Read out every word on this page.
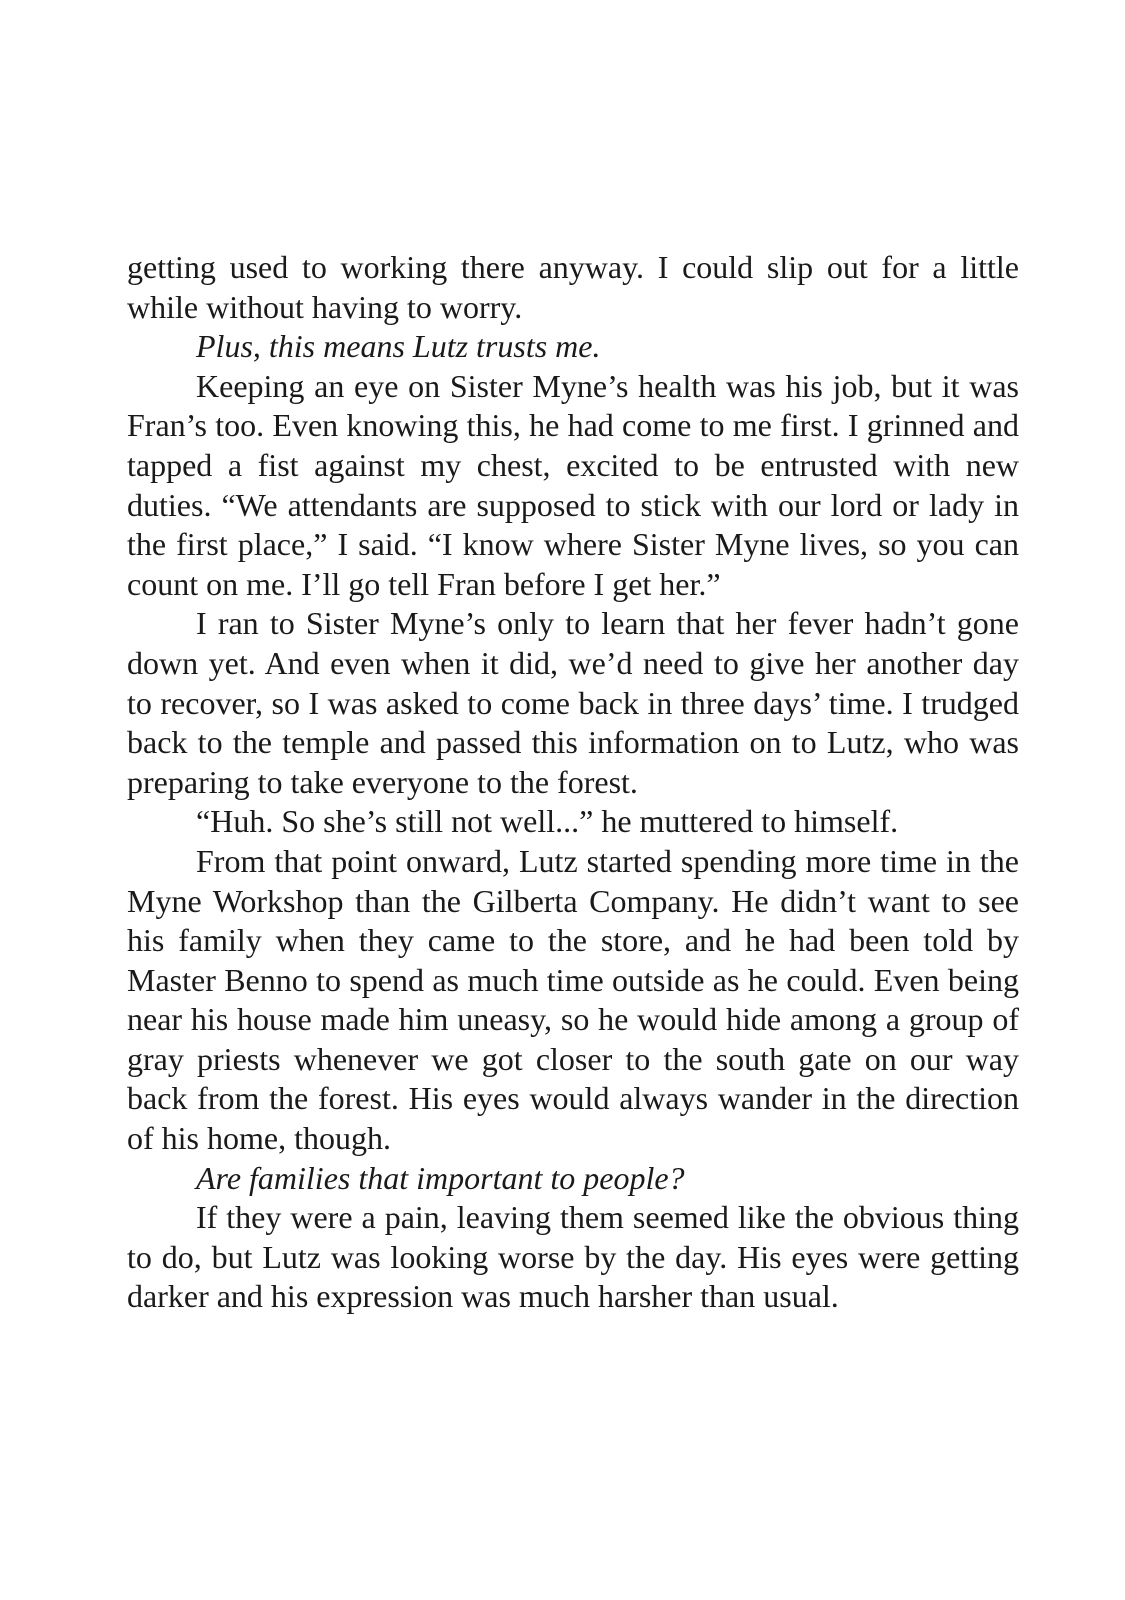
getting used to working there anyway. I could slip out for a little while without having to worry.

Plus, this means Lutz trusts me.

Keeping an eye on Sister Myne’s health was his job, but it was Fran’s too. Even knowing this, he had come to me first. I grinned and tapped a fist against my chest, excited to be entrusted with new duties. “We attendants are supposed to stick with our lord or lady in the first place,” I said. “I know where Sister Myne lives, so you can count on me. I’ll go tell Fran before I get her.”

I ran to Sister Myne’s only to learn that her fever hadn’t gone down yet. And even when it did, we’d need to give her another day to recover, so I was asked to come back in three days’ time. I trudged back to the temple and passed this information on to Lutz, who was preparing to take everyone to the forest.

“Huh. So she’s still not well...” he muttered to himself.

From that point onward, Lutz started spending more time in the Myne Workshop than the Gilberta Company. He didn’t want to see his family when they came to the store, and he had been told by Master Benno to spend as much time outside as he could. Even being near his house made him uneasy, so he would hide among a group of gray priests whenever we got closer to the south gate on our way back from the forest. His eyes would always wander in the direction of his home, though.

Are families that important to people?

If they were a pain, leaving them seemed like the obvious thing to do, but Lutz was looking worse by the day. His eyes were getting darker and his expression was much harsher than usual.
